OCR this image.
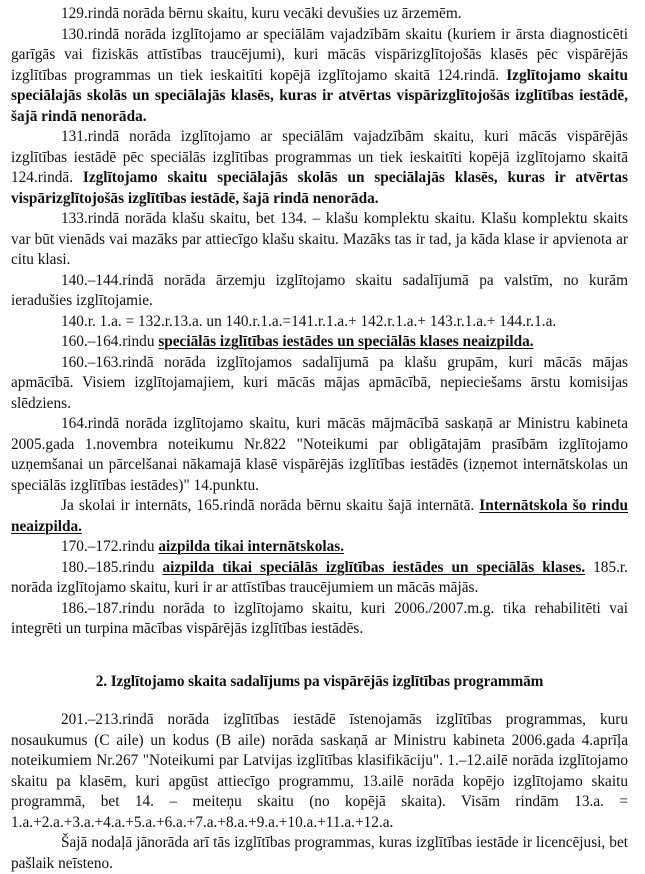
129.rindā norāda bērnu skaitu, kuru vecāki devušies uz ārzemēm.

130.rindā norāda izglītojamo ar speciālām vajadzībām skaitu (kuriem ir ārsta diagnosticēti garīgās vai fiziskās attīstības traucējumi), kuri mācās vispārizglītojošās klasēs pēc vispārējās izglītības programmas un tiek ieskaitīti kopējā izglītojamo skaitā 124.rindā. Izglītojamo skaitu speciālajās skolās un speciālajās klasēs, kuras ir atvērtas vispārizglītojošās izglītības iestādē, šajā rindā nenorāda.

131.rindā norāda izglītojamo ar speciālām vajadzībām skaitu, kuri mācās vispārējās izglītības iestādē pēc speciālās izglītības programmas un tiek ieskaitīti kopējā izglītojamo skaitā 124.rindā. Izglītojamo skaitu speciālajās skolās un speciālajās klasēs, kuras ir atvērtas vispārizglītojošās izglītības iestādē, šajā rindā nenorāda.

133.rindā norāda klašu skaitu, bet 134. – klašu komplektu skaitu. Klašu komplektu skaits var būt vienāds vai mazāks par attiecīgo klašu skaitu. Mazāks tas ir tad, ja kāda klase ir apvienota ar citu klasi.

140.–144.rindā norāda ārzemju izglītojamo skaitu sadalījumā pa valstīm, no kurām ieradušies izglītojamie.

140.r. 1.a. = 132.r.13.a. un 140.r.1.a.=141.r.1.a.+ 142.r.1.a.+ 143.r.1.a.+ 144.r.1.a.

160.–164.rindu speciālās izglītības iestādes un speciālās klases neaizpilda.

160.–163.rindā norāda izglītojamos sadalījumā pa klašu grupām, kuri mācās mājas apmācībā. Visiem izglītojamajiem, kuri mācās mājas apmācībā, nepieciešams ārstu komisijas slēdziens.

164.rindā norāda izglītojamo skaitu, kuri mācās mājmācībā saskaņā ar Ministru kabineta 2005.gada 1.novembra noteikumu Nr.822 "Noteikumi par obligātajām prasībām izglītojamo uzņemšanai un pārcelšanai nākamajā klasē vispārējās izglītības iestādēs (izņemot internātskolas un speciālās izglītības iestādes)" 14.punktu.

Ja skolai ir internāts, 165.rindā norāda bērnu skaitu šajā internātā. Internātskola šo rindu neaizpilda.

170.–172.rindu aizpilda tikai internātskolas.

180.–185.rindu aizpilda tikai speciālās izglītības iestādes un speciālās klases. 185.r. norāda izglītojamo skaitu, kuri ir ar attīstības traucējumiem un mācās mājās.

186.–187.rindu norāda to izglītojamo skaitu, kuri 2006./2007.m.g. tika rehabilitēti vai integrēti un turpina mācības vispārējās izglītības iestādēs.

2. Izglītojamo skaita sadalījums pa vispārējās izglītības programmām

201.–213.rindā norāda izglītības iestādē īstenojamās izglītības programmas, kuru nosaukumus (C aile) un kodus (B aile) norāda saskaņā ar Ministru kabineta 2006.gada 4.aprīļa noteikumiem Nr.267 "Noteikumi par Latvijas izglītības klasifikāciju". 1.–12.ailē norāda izglītojamo skaitu pa klasēm, kuri apgūst attiecīgo programmu, 13.ailē norāda kopējo izglītojamo skaitu programmā, bet 14. – meiteņu skaitu (no kopējā skaita). Visām rindām 13.a. = 1.a.+2.a.+3.a.+4.a.+5.a.+6.a.+7.a.+8.a.+9.a.+10.a.+11.a.+12.a.

Šajā nodaļā jānorāda arī tās izglītības programmas, kuras izglītības iestāde ir licencējusi, bet pašlaik neīsteno.
